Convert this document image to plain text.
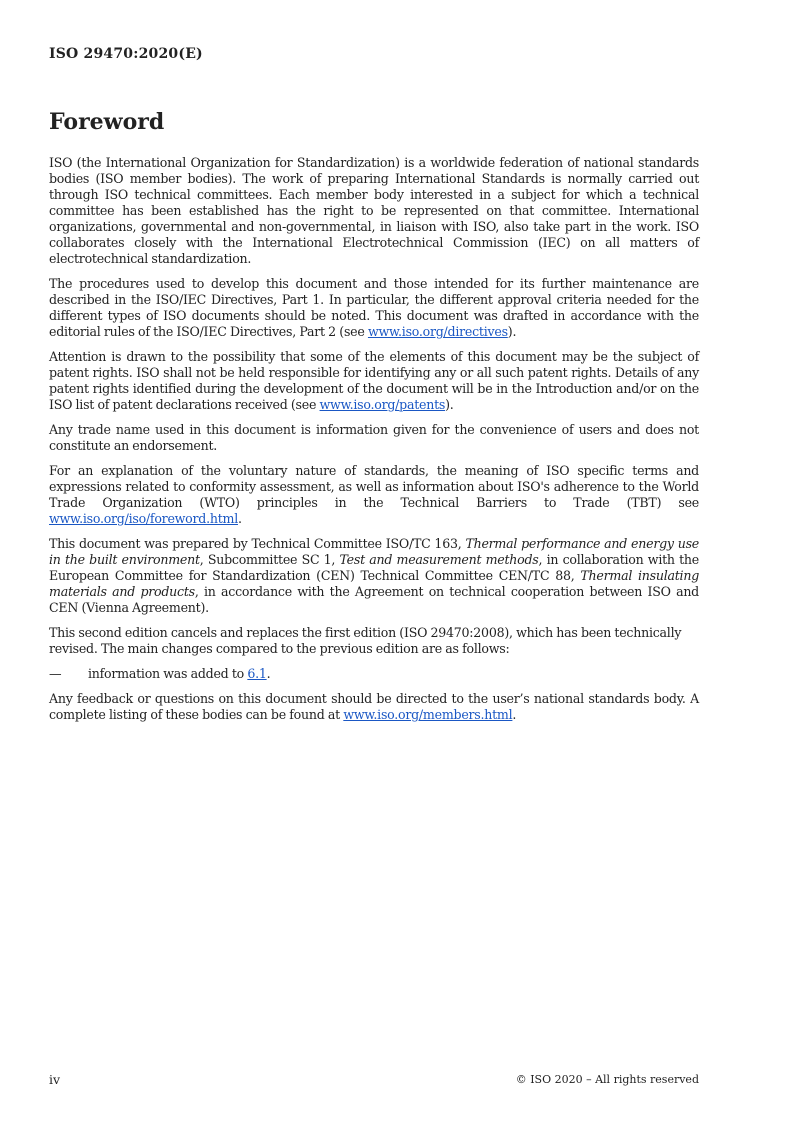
ISO 29470:2020(E)

Foreword

ISO (the International Organization for Standardization) is a worldwide federation of national standards bodies (ISO member bodies). The work of preparing International Standards is normally carried out through ISO technical committees. Each member body interested in a subject for which a technical committee has been established has the right to be represented on that committee. International organizations, governmental and non-governmental, in liaison with ISO, also take part in the work. ISO collaborates closely with the International Electrotechnical Commission (IEC) on all matters of electrotechnical standardization.

The procedures used to develop this document and those intended for its further maintenance are described in the ISO/IEC Directives, Part 1. In particular, the different approval criteria needed for the different types of ISO documents should be noted. This document was drafted in accordance with the editorial rules of the ISO/IEC Directives, Part 2 (see www.iso.org/directives).

Attention is drawn to the possibility that some of the elements of this document may be the subject of patent rights. ISO shall not be held responsible for identifying any or all such patent rights. Details of any patent rights identified during the development of the document will be in the Introduction and/or on the ISO list of patent declarations received (see www.iso.org/patents).

Any trade name used in this document is information given for the convenience of users and does not constitute an endorsement.

For an explanation of the voluntary nature of standards, the meaning of ISO specific terms and expressions related to conformity assessment, as well as information about ISO's adherence to the World Trade Organization (WTO) principles in the Technical Barriers to Trade (TBT) see www.iso.org/iso/foreword.html.

This document was prepared by Technical Committee ISO/TC 163, Thermal performance and energy use in the built environment, Subcommittee SC 1, Test and measurement methods, in collaboration with the European Committee for Standardization (CEN) Technical Committee CEN/TC 88, Thermal insulating materials and products, in accordance with the Agreement on technical cooperation between ISO and CEN (Vienna Agreement).

This second edition cancels and replaces the first edition (ISO 29470:2008), which has been technically revised. The main changes compared to the previous edition are as follows:

—	information was added to 6.1.

Any feedback or questions on this document should be directed to the user’s national standards body. A complete listing of these bodies can be found at www.iso.org/members.html.

iv	© ISO 2020 – All rights reserved
